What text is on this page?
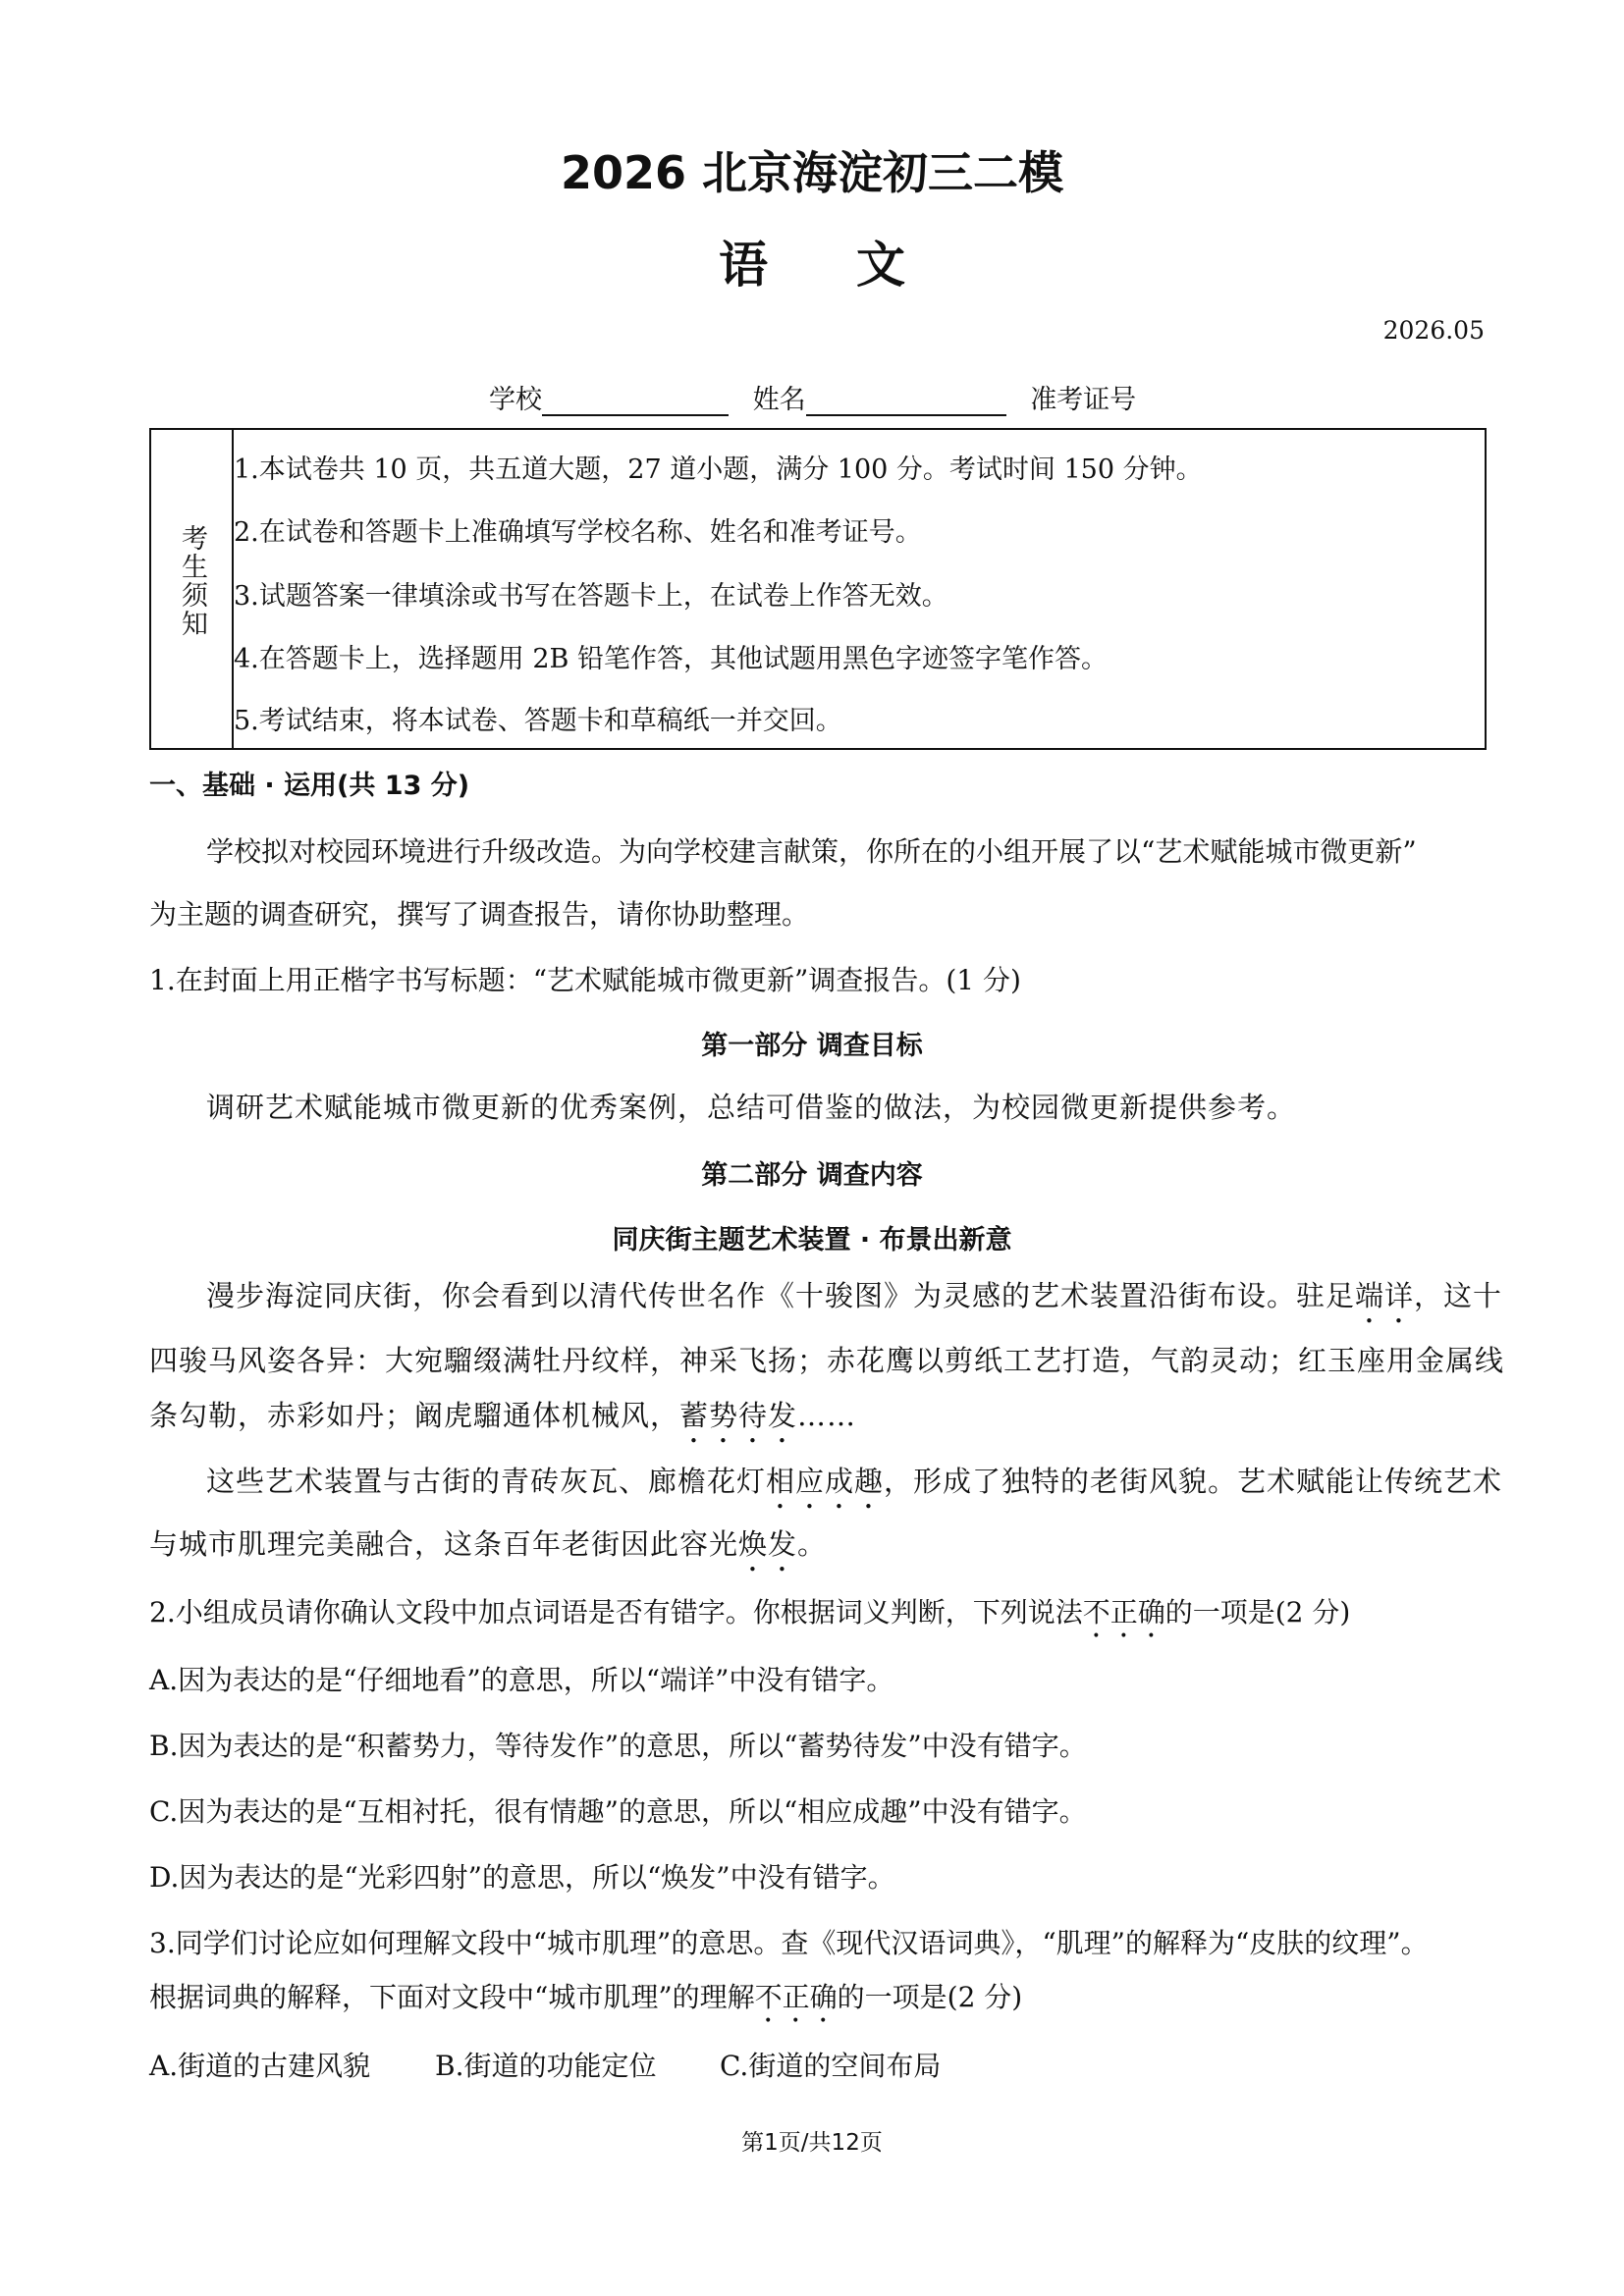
2026 北京海淀初三二模
语文
2026.05
学校	姓名	准考证号
考生须知
1.本试卷共 10 页，共五道大题，27 道小题，满分 100 分。考试时间 150 分钟。
2.在试卷和答题卡上准确填写学校名称、姓名和准考证号。
3.试题答案一律填涂或书写在答题卡上，在试卷上作答无效。
4.在答题卡上，选择题用 2B 铅笔作答，其他试题用黑色字迹签字笔作答。
5.考试结束，将本试卷、答题卡和草稿纸一并交回。
一、基础 · 运用(共 13 分)
学校拟对校园环境进行升级改造。为向学校建言献策，你所在的小组开展了以“艺术赋能城市微更新”
为主题的调查研究，撰写了调查报告，请你协助整理。
1.在封面上用正楷字书写标题：“艺术赋能城市微更新”调查报告。(1 分)
第一部分 调查目标
调研艺术赋能城市微更新的优秀案例，总结可借鉴的做法，为校园微更新提供参考。
第二部分 调查内容
同庆街主题艺术装置 · 布景出新意
漫步海淀同庆街，你会看到以清代传世名作《十骏图》为灵感的艺术装置沿街布设。驻足端详，这十
四骏马风姿各异：大宛騮缀满牡丹纹样，神采飞扬；赤花鹰以剪纸工艺打造，气韵灵动；红玉座用金属线
条勾勒，赤彩如丹；阚虎騮通体机械风，蓄势待发……
这些艺术装置与古街的青砖灰瓦、廊檐花灯相应成趣，形成了独特的老街风貌。艺术赋能让传统艺术
与城市肌理完美融合，这条百年老街因此容光焕发。
2.小组成员请你确认文段中加点词语是否有错字。你根据词义判断，下列说法不正确的一项是(2 分)
A.因为表达的是“仔细地看”的意思，所以“端详”中没有错字。
B.因为表达的是“积蓄势力，等待发作”的意思，所以“蓄势待发”中没有错字。
C.因为表达的是“互相衬托，很有情趣”的意思，所以“相应成趣”中没有错字。
D.因为表达的是“光彩四射”的意思，所以“焕发”中没有错字。
3.同学们讨论应如何理解文段中“城市肌理”的意思。查《现代汉语词典》，“肌理”的解释为“皮肤的纹理”。
根据词典的解释，下面对文段中“城市肌理”的理解不正确的一项是(2 分)
A.街道的古建风貌 B.街道的功能定位 C.街道的空间布局
第1页/共12页
